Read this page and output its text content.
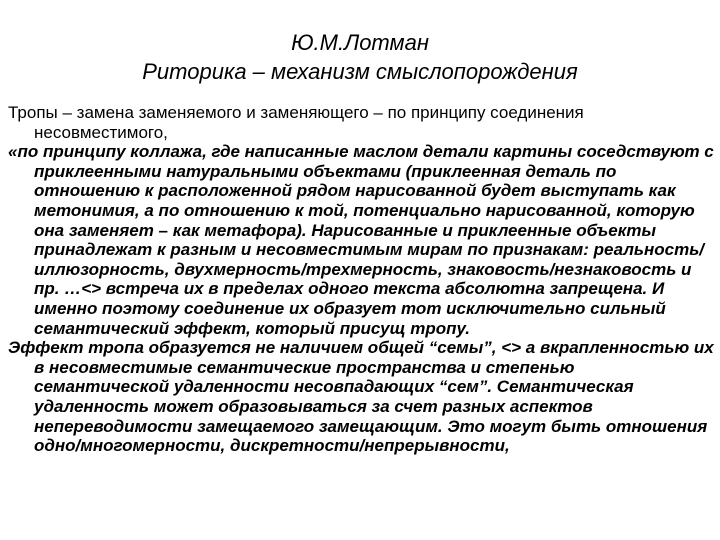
Ю.М.Лотман
Риторика – механизм смыслопорождения

Тропы – замена заменяемого и заменяющего – по принципу соединения несовместимого,

«по принципу коллажа, где написанные маслом детали картины соседствуют с приклеенными натуральными объектами (приклеенная деталь по отношению к расположенной рядом нарисованной будет выступать как метонимия, а по отношению к той, потенциально нарисованной, которую она заменяет – как метафора). Нарисованные и приклеенные объекты принадлежат к разным и несовместимым мирам по признакам: реальность/иллюзорность, двухмерность/трехмерность, знаковость/незнаковость и пр. …<> встреча их в пределах одного текста абсолютна запрещена. И именно поэтому соединение их образует тот исключительно сильный семантический эффект, который присущ тропу.

Эффект тропа образуется не наличием общей “семы”, <> а вкрапленностью их в несовместимые семантические пространства и степенью семантической удаленности несовпадающих “сем”. Семантическая удаленность может образовываться за счет разных аспектов непереводимости замещаемого замещающим. Это могут быть отношения одно/многомерности, дискретности/непрерывности,
